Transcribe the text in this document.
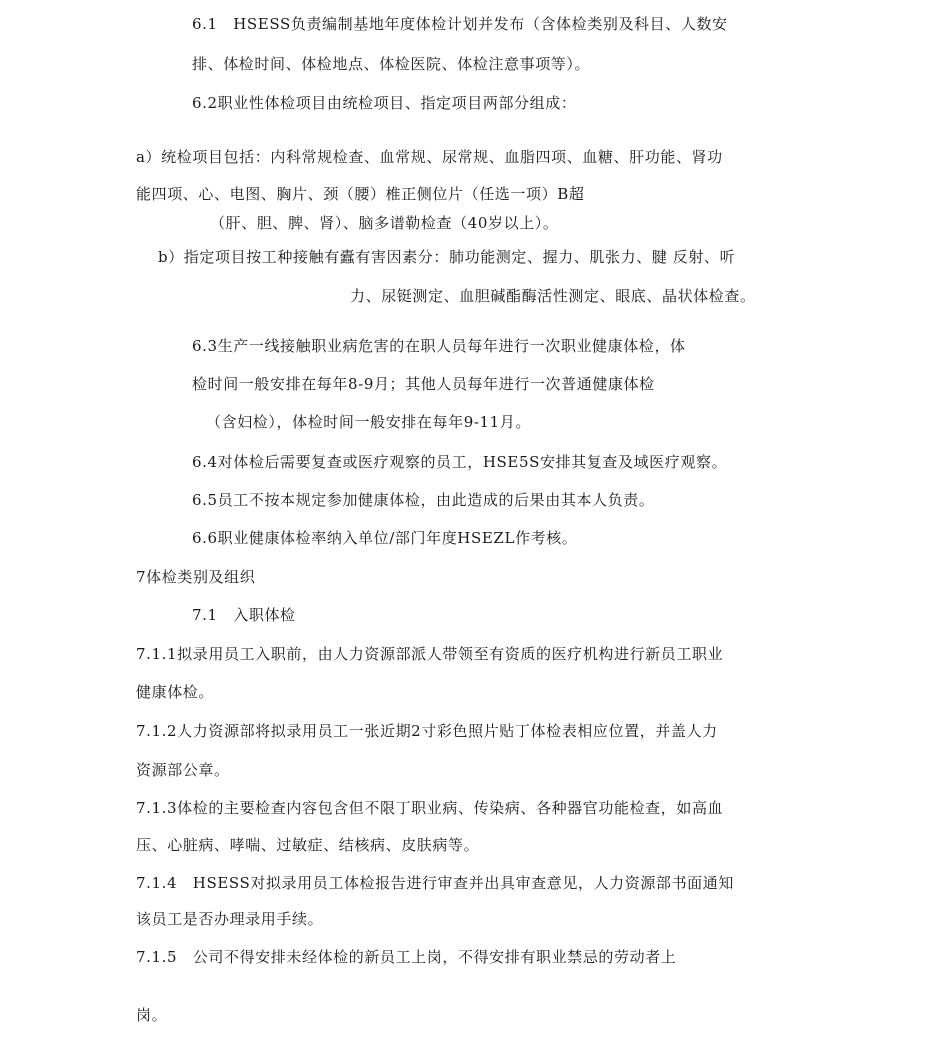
6.1　HSESS负责编制基地年度体检计划并发布（含体检类别及科目、人数安
排、体检时间、体检地点、体检医院、体检注意事项等）。
6.2职业性体检项目由统检项目、指定项目两部分组成：
a）统检项目包括：内科常规检查、血常规、尿常规、血脂四项、血糖、肝功能、肾功
能四项、心、电图、胸片、颈（腰）椎正侧位片（任选一项）B超
（肝、胆、脾、肾）、脑多谱勒检查（40岁以上）。
b）指定项目按工种接触有蠹有害因素分：肺功能测定、握力、肌张力、腱 反射、听
力、尿铤测定、血胆碱酯酶活性测定、眼底、晶状体检查。
6.3生产一线接触职业病危害的在职人员每年进行一次职业健康体检，体
检时间一般安排在每年8-9月；其他人员每年进行一次普通健康体检
（含妇检），体检时间一般安排在每年9-11月。
6.4对体检后需要复查或医疗观察的员工，HSE5S安排其复查及域医疗观察。
6.5员工不按本规定参加健康体检，由此造成的后果由其本人负责。
6.6职业健康体检率纳入单位/部门年度HSEZL作考核。
7体检类别及组织
7.1　入职体检
7.1.1拟录用员工入职前，由人力资源部派人带领至有资质的医疗机构进行新员工职业
健康体检。
7.1.2人力资源部将拟录用员工一张近期2寸彩色照片贴丁体检表相应位置，并盖人力
资源部公章。
7.1.3体检的主要检查内容包含但不限丁职业病、传染病、各种器官功能检查，如高血
压、心脏病、哮喘、过敏症、结核病、皮肤病等。
7.1.4　HSESS对拟录用员工体检报告进行审查并出具审查意见，人力资源部书面通知
该员工是否办理录用手续。
7.1.5　公司不得安排未经体检的新员工上岗，不得安排有职业禁忌的劳动者上
岗。
